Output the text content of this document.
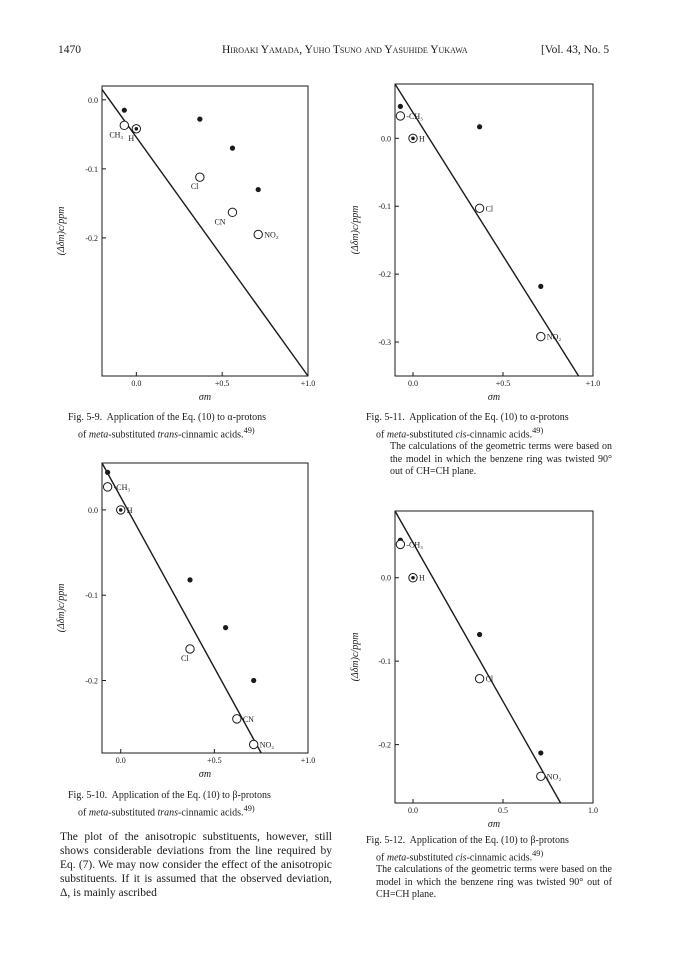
1470	Hiroaki Yamada, Yuho Tsuno and Yasuhide Yukawa	[Vol. 43, No. 5
0.0	+0.5	+1.0
0.0
-0.1
-0.2
σm
(Δδm)c/ppm
CH₃ H
Cl
CN
NO₂
0.0	+0.5	+1.0
0.0
-0.1
-0.2
-0.3
σm
(Δδm)c/ppm
-CH₃
H
Cl
NO₂
0.0	+0.5	+1.0
0.0
-0.1
-0.2
σm
(Δδm)c/ppm
-CH₃
H
Cl
CN
NO₂
0.0	0.5	1.0
0.0
-0.1
-0.2
σm
(Δδm)c/ppm
-CH₃
H
Cl
NO₂
Fig. 5-9. Application of the Eq. (10) to α-protons
of meta-substituted trans-cinnamic acids.$^{49)}$
Fig. 5-11. Application of the Eq. (10) to α-protons
of meta-substituted cis-cinnamic acids.$^{49)}$
The calculations of the geometric terms were based on the model in which the benzene ring was twisted 90° out of CH=CH plane.
Fig. 5-10. Application of the Eq. (10) to β-protons
of meta-substituted trans-cinnamic acids.$^{49)}$
Fig. 5-12. Application of the Eq. (10) to β-protons
of meta-substituted cis-cinnamic acids.$^{49)}$
The calculations of the geometric terms were based on the model in which the benzene ring was twisted 90° out of CH=CH plane.
The plot of the anisotropic substituents, however, still shows considerable deviations from the line required by Eq. (7). We may now consider the effect of the anisotropic substituents. If it is assumed that the observed deviation, Δ, is mainly ascribed
